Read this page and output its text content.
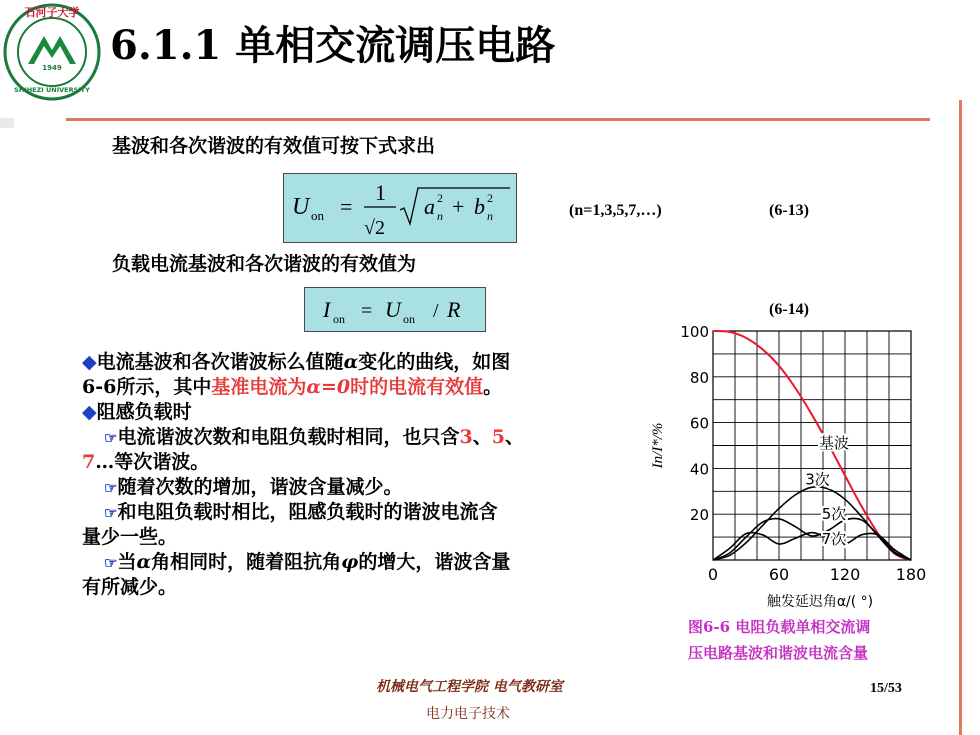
1949
石河子大学
SHIHEZI UNIVERSITY
6.1.1 单相交流调压电路
基波和各次谐波的有效值可按下式求出
U on =
1
√2
a 2
n + b 2
n	(n=1,3,5,7,…)	(6-13)
负载电流基波和各次谐波的有效值为
I on = U on / R	(6-14)
◆电流基波和各次谐波标么值随α变化的曲线，如图
6-6所示，其中基准电流为α=0时的电流有效值。
◆阻感负载时
☞电流谐波次数和电阻负载时相同，也只含3、5、
7…等次谐波。
☞随着次数的增加，谐波含量减少。
☞和电阻负载时相比，阻感负载时的谐波电流含
量少一些。
☞当α角相同时，随着阻抗角φ的增大，谐波含量
有所减少。
20
40
60
80
100
0	60	120 180
In/I*/%
触发延迟角α/( °)
基波
3次
5次
7次
图6-6 电阻负载单相交流调
压电路基波和谐波电流含量
机械电气工程学院 电气教研室
电力电子技术
15/53
